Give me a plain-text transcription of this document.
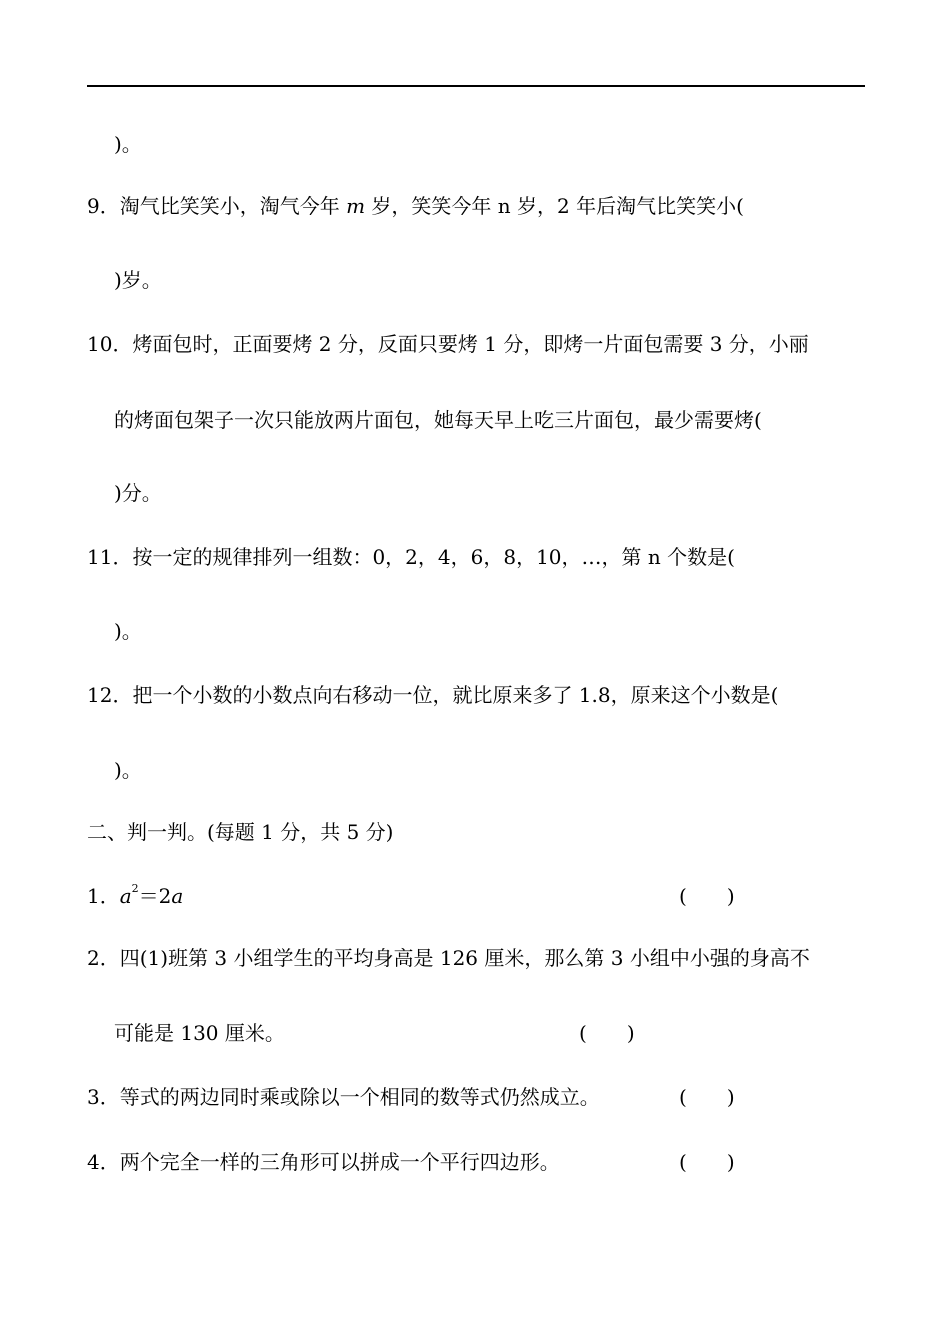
)。
9．淘气比笑笑小，淘气今年 m 岁，笑笑今年 n 岁，2 年后淘气比笑笑小(
)岁。
10．烤面包时，正面要烤 2 分，反面只要烤 1 分，即烤一片面包需要 3 分，小丽
的烤面包架子一次只能放两片面包，她每天早上吃三片面包，最少需要烤(
)分。
11．按一定的规律排列一组数：0，2，4，6，8，10，…，第 n 个数是(
)。
12．把一个小数的小数点向右移动一位，就比原来多了 1.8，原来这个小数是(
)。
二、判一判。(每题 1 分，共 5 分)
1．$a^2=2a$	( )
2．四(1)班第 3 小组学生的平均身高是 126 厘米，那么第 3 小组中小强的身高不
可能是 130 厘米。	( )
3．等式的两边同时乘或除以一个相同的数等式仍然成立。	( )
4．两个完全一样的三角形可以拼成一个平行四边形。	( )
